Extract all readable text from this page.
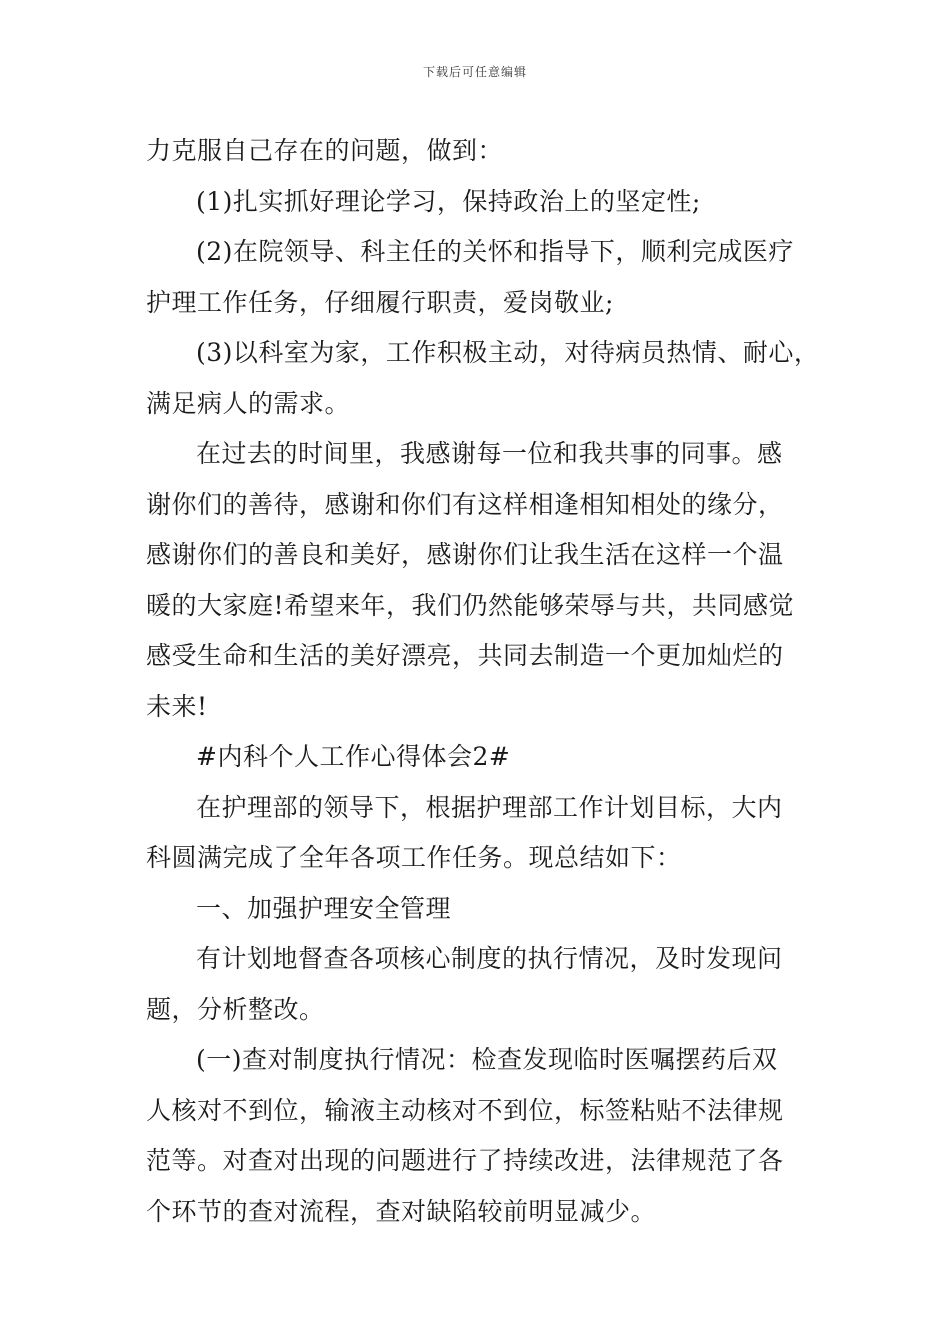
下载后可任意编辑
力克服自己存在的问题，做到：
(1)扎实抓好理论学习，保持政治上的坚定性;
(2)在院领导、科主任的关怀和指导下，顺利完成医疗
护理工作任务，仔细履行职责，爱岗敬业;
(3)以科室为家，工作积极主动，对待病员热情、耐心，
满足病人的需求。
在过去的时间里，我感谢每一位和我共事的同事。感
谢你们的善待，感谢和你们有这样相逢相知相处的缘分，
感谢你们的善良和美好，感谢你们让我生活在这样一个温
暖的大家庭!希望来年，我们仍然能够荣辱与共，共同感觉
感受生命和生活的美好漂亮，共同去制造一个更加灿烂的
未来!
#内科个人工作心得体会2#
在护理部的领导下，根据护理部工作计划目标，大内
科圆满完成了全年各项工作任务。现总结如下：
一、加强护理安全管理
有计划地督查各项核心制度的执行情况，及时发现问
题，分析整改。
(一)查对制度执行情况：检查发现临时医嘱摆药后双
人核对不到位，输液主动核对不到位，标签粘贴不法律规
范等。对查对出现的问题进行了持续改进，法律规范了各
个环节的查对流程，查对缺陷较前明显减少。
